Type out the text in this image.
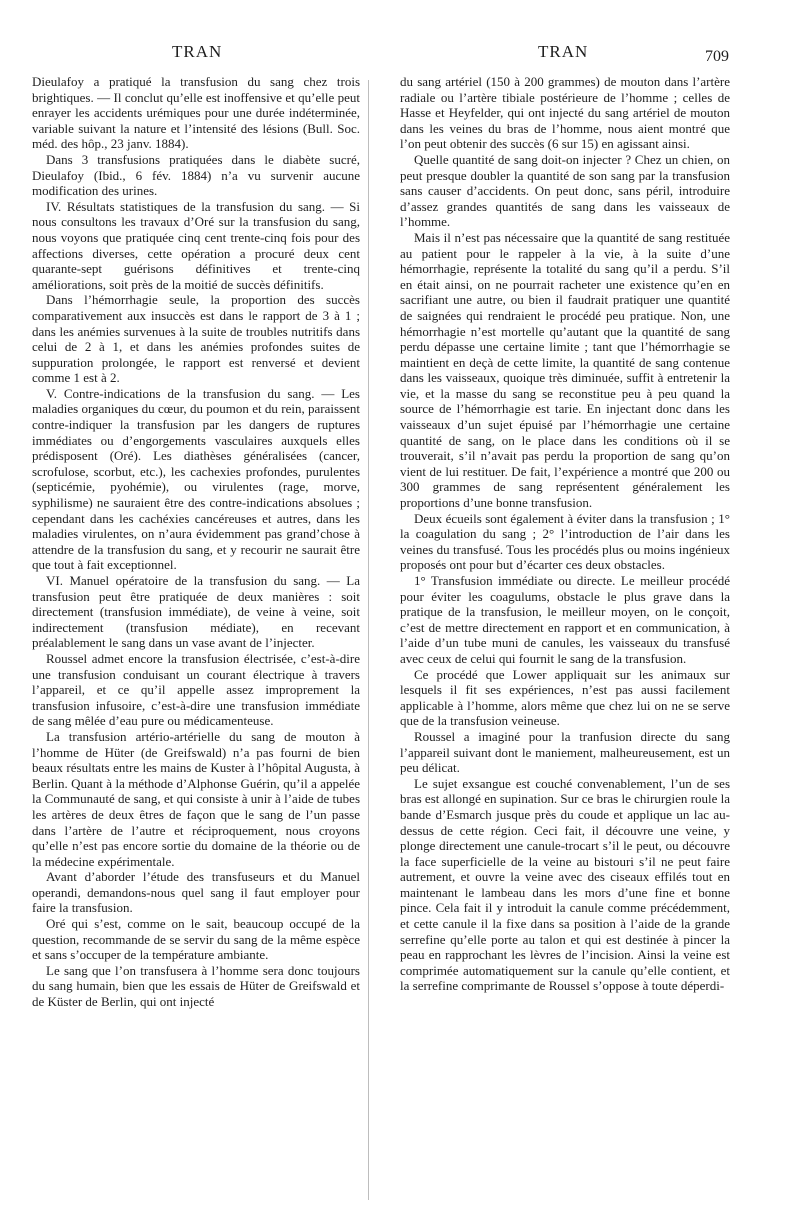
TRAN	TRAN	709

Dieulafoy a pratiqué la transfusion du sang chez trois brightiques. — Il conclut qu’elle est inoffensive et qu’elle peut enrayer les accidents urémiques pour une durée indéterminée, variable suivant la nature et l’intensité des lésions (Bull. Soc. méd. des hôp., 23 janv. 1884).

Dans 3 transfusions pratiquées dans le diabète sucré, Dieulafoy (Ibid., 6 fév. 1884) n’a vu survenir aucune modification des urines.

IV. Résultats statistiques de la transfusion du sang. — Si nous consultons les travaux d’Oré sur la transfusion du sang, nous voyons que pratiquée cinq cent trente-cinq fois pour des affections diverses, cette opération a procuré deux cent quarante-sept guérisons définitives et trente-cinq améliorations, soit près de la moitié de succès définitifs.

Dans l’hémorrhagie seule, la proportion des succès comparativement aux insuccès est dans le rapport de 3 à 1 ; dans les anémies survenues à la suite de troubles nutritifs dans celui de 2 à 1, et dans les anémies profondes suites de suppuration prolongée, le rapport est renversé et devient comme 1 est à 2.

V. Contre-indications de la transfusion du sang. — Les maladies organiques du cœur, du poumon et du rein, paraissent contre-indiquer la transfusion par les dangers de ruptures immédiates ou d’engorgements vasculaires auxquels elles prédisposent (Oré). Les diathèses généralisées (cancer, scrofulose, scorbut, etc.), les cachexies profondes, purulentes (septicémie, pyohémie), ou virulentes (rage, morve, syphilisme) ne sauraient être des contre-indications absolues ; cependant dans les cachéxies cancéreuses et autres, dans les maladies virulentes, on n’aura évidemment pas grand’chose à attendre de la transfusion du sang, et y recourir ne saurait être que tout à fait exceptionnel.

VI. Manuel opératoire de la transfusion du sang. — La transfusion peut être pratiquée de deux manières : soit directement (transfusion immédiate), de veine à veine, soit indirectement (transfusion médiate), en recevant préalablement le sang dans un vase avant de l’injecter.

Roussel admet encore la transfusion électrisée, c’est-à-dire une transfusion conduisant un courant électrique à travers l’appareil, et ce qu’il appelle assez improprement la transfusion infusoire, c’est-à-dire une transfusion immédiate de sang mêlée d’eau pure ou médicamenteuse.

La transfusion artério-artérielle du sang de mouton à l’homme de Hüter (de Greifswald) n’a pas fourni de bien beaux résultats entre les mains de Kuster à l’hôpital Augusta, à Berlin. Quant à la méthode d’Alphonse Guérin, qu’il a appelée la Communauté de sang, et qui consiste à unir à l’aide de tubes les artères de deux êtres de façon que le sang de l’un passe dans l’artère de l’autre et réciproquement, nous croyons qu’elle n’est pas encore sortie du domaine de la théorie ou de la médecine expérimentale.

Avant d’aborder l’étude des transfuseurs et du Manuel operandi, demandons-nous quel sang il faut employer pour faire la transfusion.

Oré qui s’est, comme on le sait, beaucoup occupé de la question, recommande de se servir du sang de la même espèce et sans s’occuper de la température ambiante.

Le sang que l’on transfusera à l’homme sera donc toujours du sang humain, bien que les essais de Hüter de Greifswald et de Küster de Berlin, qui ont injecté

du sang artériel (150 à 200 grammes) de mouton dans l’artère radiale ou l’artère tibiale postérieure de l’homme ; celles de Hasse et Heyfelder, qui ont injecté du sang artériel de mouton dans les veines du bras de l’homme, nous aient montré que l’on peut obtenir des succès (6 sur 15) en agissant ainsi.

Quelle quantité de sang doit-on injecter ? Chez un chien, on peut presque doubler la quantité de son sang par la transfusion sans causer d’accidents. On peut donc, sans péril, introduire d’assez grandes quantités de sang dans les vaisseaux de l’homme.

Mais il n’est pas nécessaire que la quantité de sang restituée au patient pour le rappeler à la vie, à la suite d’une hémorrhagie, représente la totalité du sang qu’il a perdu. S’il en était ainsi, on ne pourrait racheter une existence qu’en en sacrifiant une autre, ou bien il faudrait pratiquer une quantité de saignées qui rendraient le procédé peu pratique. Non, une hémorrhagie n’est mortelle qu’autant que la quantité de sang perdu dépasse une certaine limite ; tant que l’hémorrhagie se maintient en deçà de cette limite, la quantité de sang contenue dans les vaisseaux, quoique très diminuée, suffit à entretenir la vie, et la masse du sang se reconstitue peu à peu quand la source de l’hémorrhagie est tarie. En injectant donc dans les vaisseaux d’un sujet épuisé par l’hémorrhagie une certaine quantité de sang, on le place dans les conditions où il se trouverait, s’il n’avait pas perdu la proportion de sang qu’on vient de lui restituer. De fait, l’expérience a montré que 200 ou 300 grammes de sang représentent généralement les proportions d’une bonne transfusion.

Deux écueils sont également à éviter dans la transfusion ; 1° la coagulation du sang ; 2° l’introduction de l’air dans les veines du transfusé. Tous les procédés plus ou moins ingénieux proposés ont pour but d’écarter ces deux obstacles.

1° Transfusion immédiate ou directe. Le meilleur procédé pour éviter les coagulums, obstacle le plus grave dans la pratique de la transfusion, le meilleur moyen, on le conçoit, c’est de mettre directement en rapport et en communication, à l’aide d’un tube muni de canules, les vaisseaux du transfusé avec ceux de celui qui fournit le sang de la transfusion.

Ce procédé que Lower appliquait sur les animaux sur lesquels il fit ses expériences, n’est pas aussi facilement applicable à l’homme, alors même que chez lui on ne se serve que de la transfusion veineuse.

Roussel a imaginé pour la tranfusion directe du sang l’appareil suivant dont le maniement, malheureusement, est un peu délicat.

Le sujet exsangue est couché convenablement, l’un de ses bras est allongé en supination. Sur ce bras le chirurgien roule la bande d’Esmarch jusque près du coude et applique un lac au-dessus de cette région. Ceci fait, il découvre une veine, y plonge directement une canule-trocart s’il le peut, ou découvre la face superficielle de la veine au bistouri s’il ne peut faire autrement, et ouvre la veine avec des ciseaux effilés tout en maintenant le lambeau dans les mors d’une fine et bonne pince. Cela fait il y introduit la canule comme précédemment, et cette canule il la fixe dans sa position à l’aide de la grande serrefine qu’elle porte au talon et qui est destinée à pincer la peau en rapprochant les lèvres de l’incision. Ainsi la veine est comprimée automatiquement sur la canule qu’elle contient, et la serrefine comprimante de Roussel s’oppose à toute déperdi-
